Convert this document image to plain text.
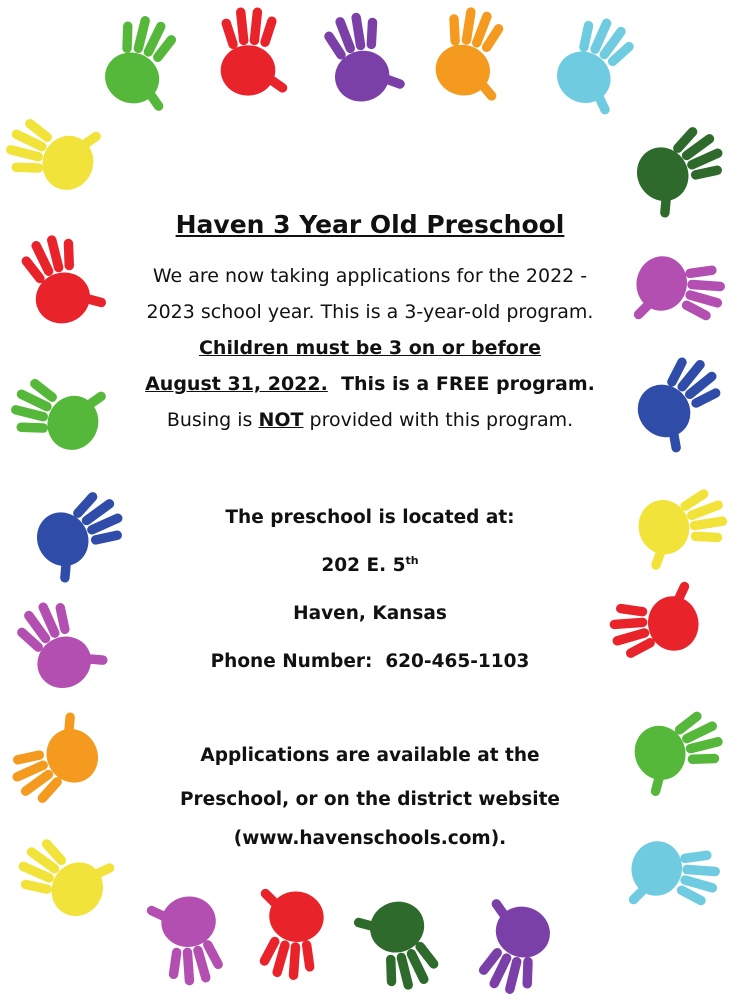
Haven 3 Year Old Preschool
We are now taking applications for the 2022 -
2023 school year. This is a 3-year-old program.
Children must be 3 on or before
August 31, 2022.  This is a FREE program.
Busing is NOT provided with this program.
The preschool is located at:
202 E. 5th
Haven, Kansas
Phone Number:  620-465-1103
Applications are available at the
Preschool, or on the district website
(www.havenschools.com).
